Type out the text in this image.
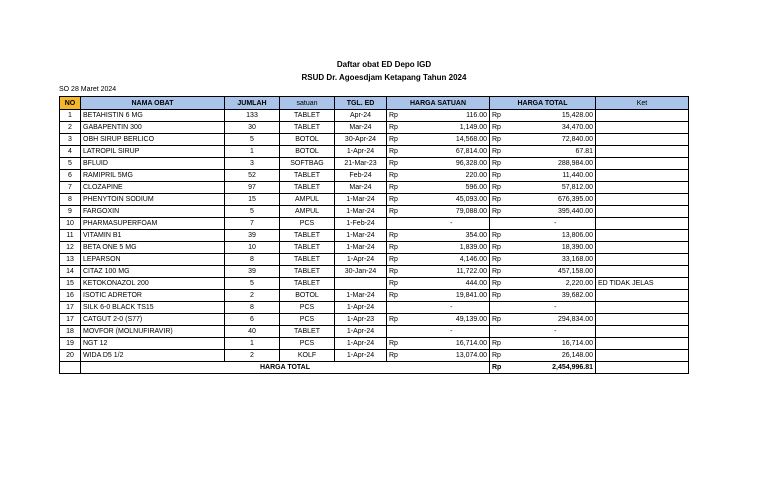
Daftar obat ED Depo IGD
RSUD Dr. Agoesdjam Ketapang Tahun 2024
SO 28 Maret 2024
NO	NAMA OBAT	JUMLAH	satuan	TGL. ED	HARGA SATUAN		HARGA TOTAL		Ket
1	BETAHISTIN 6 MG	133	TABLET	Apr-24	Rp	116.00	Rp	15,428.00	
2	GABAPENTIN 300	30	TABLET	Mar-24	Rp	1,149.00	Rp	34,470.00	
3	OBH SIRUP BERLICO	5	BOTOL	30-Apr-24	Rp	14,568.00	Rp	72,840.00	
4	LATROPIL SIRUP	1	BOTOL	1-Apr-24	Rp	67,814.00	Rp	67.81	
5	BFLUID	3	SOFTBAG	21-Mar-23	Rp	96,328.00	Rp	288,984.00	
6	RAMIPRIL 5MG	52	TABLET	Feb-24	Rp	220.00	Rp	11,440.00	
7	CLOZAPINE	97	TABLET	Mar-24	Rp	596.00	Rp	57,812.00	
8	PHENYTOIN SODIUM	15	AMPUL	1-Mar-24	Rp	45,093.00	Rp	676,395.00	
9	FARGOXIN	5	AMPUL	1-Mar-24	Rp	79,088.00	Rp	395,440.00	
10	PHARMASUPERFOAM	7	PCS	1-Feb-24		-		-	
11	VITAMIN B1	39	TABLET	1-Mar-24	Rp	354.00	Rp	13,806.00	
12	BETA ONE 5 MG	10	TABLET	1-Mar-24	Rp	1,839.00	Rp	18,390.00	
13	LEPARSON	8	TABLET	1-Apr-24	Rp	4,146.00	Rp	33,168.00	
14	CITAZ 100 MG	39	TABLET	30-Jan-24	Rp	11,722.00	Rp	457,158.00	
15	KETOKONAZOL 200	5	TABLET		Rp	444.00	Rp	2,220.00	ED TIDAK JELAS
16	ISOTIC ADRETOR	2	BOTOL	1-Mar-24	Rp	19,841.00	Rp	39,682.00	
17	SILK 6-0 BLACK TS15	8	PCS	1-Apr-24		-		-	
17	CATGUT 2-0 (S77)	6	PCS	1-Apr-23	Rp	49,139.00	Rp	294,834.00	
18	MOVFOR (MOLNUFIRAVIR)	40	TABLET	1-Apr-24		-		-	
19	NGT 12	1	PCS	1-Apr-24	Rp	16,714.00	Rp	16,714.00	
20	WIDA D5 1/2	2	KOLF	1-Apr-24	Rp	13,074.00	Rp	26,148.00	
	HARGA TOTAL						Rp	2,454,996.81	
